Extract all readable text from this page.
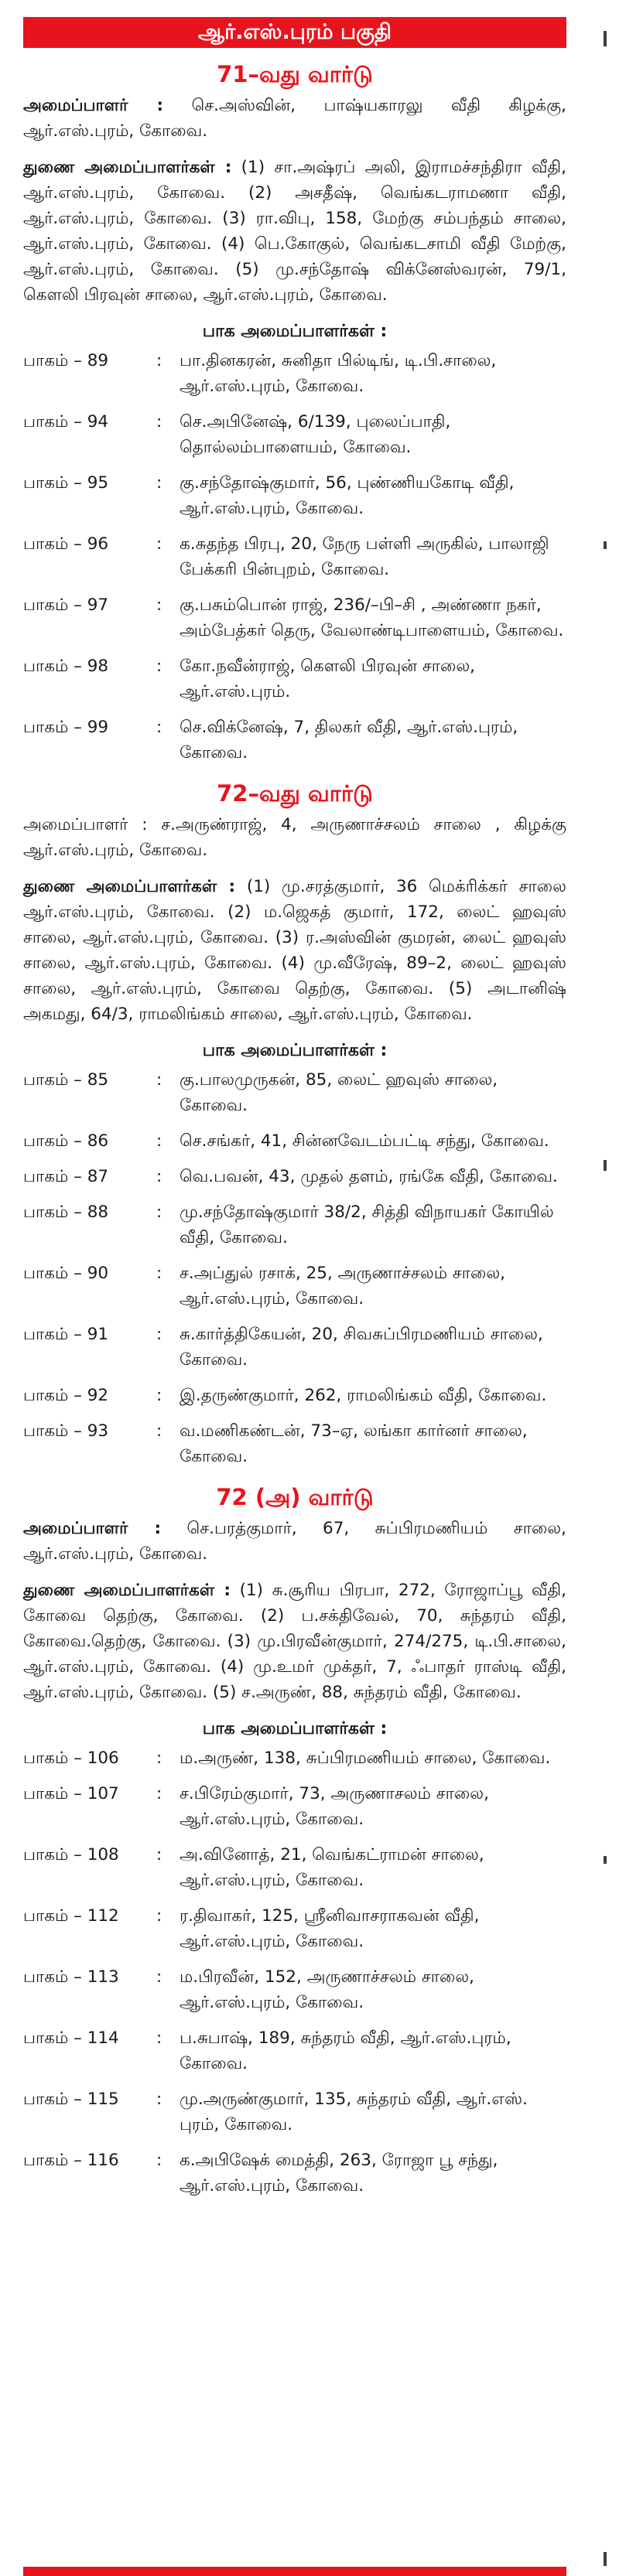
ஆர்.எஸ்.புரம் பகுதி
71–வது வார்டு

அமைப்பாளர் : செ.அஸ்வின், பாஷ்யகாரலு வீதி கிழக்கு, ஆர்.எஸ்.புரம், கோவை.

துணை அமைப்பாளர்கள் : (1) சா.அஷ்ரப் அலி, இராமச்சந்திரா வீதி, ஆர்.எஸ்.புரம், கோவை. (2) அசதீஷ், வெங்கடராமணா வீதி, ஆர்.எஸ்.புரம், கோவை. (3) ரா.விபு, 158, மேற்கு சம்பந்தம் சாலை, ஆர்.எஸ்.புரம், கோவை. (4) பெ.கோகுல், வெங்கடசாமி வீதி மேற்கு, ஆர்.எஸ்.புரம், கோவை. (5) மு.சந்தோஷ் விக்னேஸ்வரன், 79/1, கௌலி பிரவுன் சாலை, ஆர்.எஸ்.புரம், கோவை.

பாக அமைப்பாளர்கள் :
பாகம் – 89	:	பா.தினகரன், சுனிதா பில்டிங், டி.பி.சாலை, ஆர்.எஸ்.புரம், கோவை.
பாகம் – 94	:	செ.அபினேஷ், 6/139, புலைப்பாதி, தொல்லம்பாளையம், கோவை.
பாகம் – 95	:	கு.சந்தோஷ்குமார், 56, புண்ணியகோடி வீதி, ஆர்.எஸ்.புரம், கோவை.
பாகம் – 96	:	க.சுதந்த பிரபு, 20, நேரு பள்ளி அருகில், பாலாஜி பேக்கரி பின்புறம், கோவை.
பாகம் – 97	:	கு.பசும்பொன் ராஜ், 236/–பி–சி , அண்ணா நகர், அம்பேத்கர் தெரு, வேலாண்டிபாளையம், கோவை.
பாகம் – 98	:	கோ.நவீன்ராஜ், கௌலி பிரவுன் சாலை, ஆர்.எஸ்.புரம்.
பாகம் – 99	:	செ.விக்னேஷ், 7, திலகர் வீதி, ஆர்.எஸ்.புரம், கோவை.
72–வது வார்டு

அமைப்பாளர் : ச.அருண்ராஜ், 4, அருணாச்சலம் சாலை , கிழக்கு ஆர்.எஸ்.புரம், கோவை.

துணை அமைப்பாளர்கள் : (1) மு.சரத்குமார், 36 மெக்ரிக்கர் சாலை ஆர்.எஸ்.புரம், கோவை. (2) ம.ஜெகத் குமார், 172, லைட் ஹவுஸ் சாலை, ஆர்.எஸ்.புரம், கோவை. (3) ர.அஸ்வின் குமரன், லைட் ஹவுஸ் சாலை, ஆர்.எஸ்.புரம், கோவை. (4) மு.வீரேஷ், 89–2, லைட் ஹவுஸ் சாலை, ஆர்.எஸ்.புரம், கோவை தெற்கு, கோவை. (5) அடானிஷ் அகமது, 64/3, ராமலிங்கம் சாலை, ஆர்.எஸ்.புரம், கோவை.

பாக அமைப்பாளர்கள் :
பாகம் – 85	:	கு.பாலமுருகன், 85, லைட் ஹவுஸ் சாலை, கோவை.
பாகம் – 86	:	செ.சங்கர், 41, சின்னவேடம்பட்டி சந்து, கோவை.
பாகம் – 87	:	வெ.பவன், 43, முதல் தளம், ரங்கே வீதி, கோவை.
பாகம் – 88	:	மு.சந்தோஷ்குமார் 38/2, சித்தி விநாயகர் கோயில் வீதி, கோவை.
பாகம் – 90	:	ச.அப்துல் ரசாக், 25, அருணாச்சலம் சாலை, ஆர்.எஸ்.புரம், கோவை.
பாகம் – 91	:	சு.கார்த்திகேயன், 20, சிவசுப்பிரமணியம் சாலை, கோவை.
பாகம் – 92	:	இ.தருண்குமார், 262, ராமலிங்கம் வீதி, கோவை.
பாகம் – 93	:	வ.மணிகண்டன், 73–ஏ, லங்கா கார்னர் சாலை, கோவை.
72 (அ) வார்டு

அமைப்பாளர் : செ.பரத்குமார், 67, சுப்பிரமணியம் சாலை, ஆர்.எஸ்.புரம், கோவை.

துணை அமைப்பாளர்கள் : (1) சு.சூரிய பிரபா, 272, ரோஜாப்பூ வீதி, கோவை தெற்கு, கோவை. (2) ப.சக்திவேல், 70, சுந்தரம் வீதி, கோவை.தெற்கு, கோவை. (3) மு.பிரவீன்குமார், 274/275, டி.பி.சாலை, ஆர்.எஸ்.புரம், கோவை. (4) மு.உமர் முக்தர், 7, ஃபாதர் ராஸ்டி வீதி, ஆர்.எஸ்.புரம், கோவை. (5) ச.அருண், 88, சுந்தரம் வீதி, கோவை.

பாக அமைப்பாளர்கள் :
பாகம் – 106	:	ம.அருண், 138, சுப்பிரமணியம் சாலை, கோவை.
பாகம் – 107	:	ச.பிரேம்குமார், 73, அருணாசலம் சாலை, ஆர்.எஸ்.புரம், கோவை.
பாகம் – 108	:	அ.வினோத், 21, வெங்கட்ராமன் சாலை, ஆர்.எஸ்.புரம், கோவை.
பாகம் – 112	:	ர.திவாகர், 125, ஸ்ரீனிவாசராகவன் வீதி, ஆர்.எஸ்.புரம், கோவை.
பாகம் – 113	:	ம.பிரவீன், 152, அருணாச்சலம் சாலை, ஆர்.எஸ்.புரம், கோவை.
பாகம் – 114	:	ப.சுபாஷ், 189, சுந்தரம் வீதி, ஆர்.எஸ்.புரம், கோவை.
பாகம் – 115	:	மு.அருண்குமார், 135, சுந்தரம் வீதி, ஆர்.எஸ். புரம், கோவை.
பாகம் – 116	:	க.அபிஷேக் மைத்தி, 263, ரோஜா பூ சந்து, ஆர்.எஸ்.புரம், கோவை.
